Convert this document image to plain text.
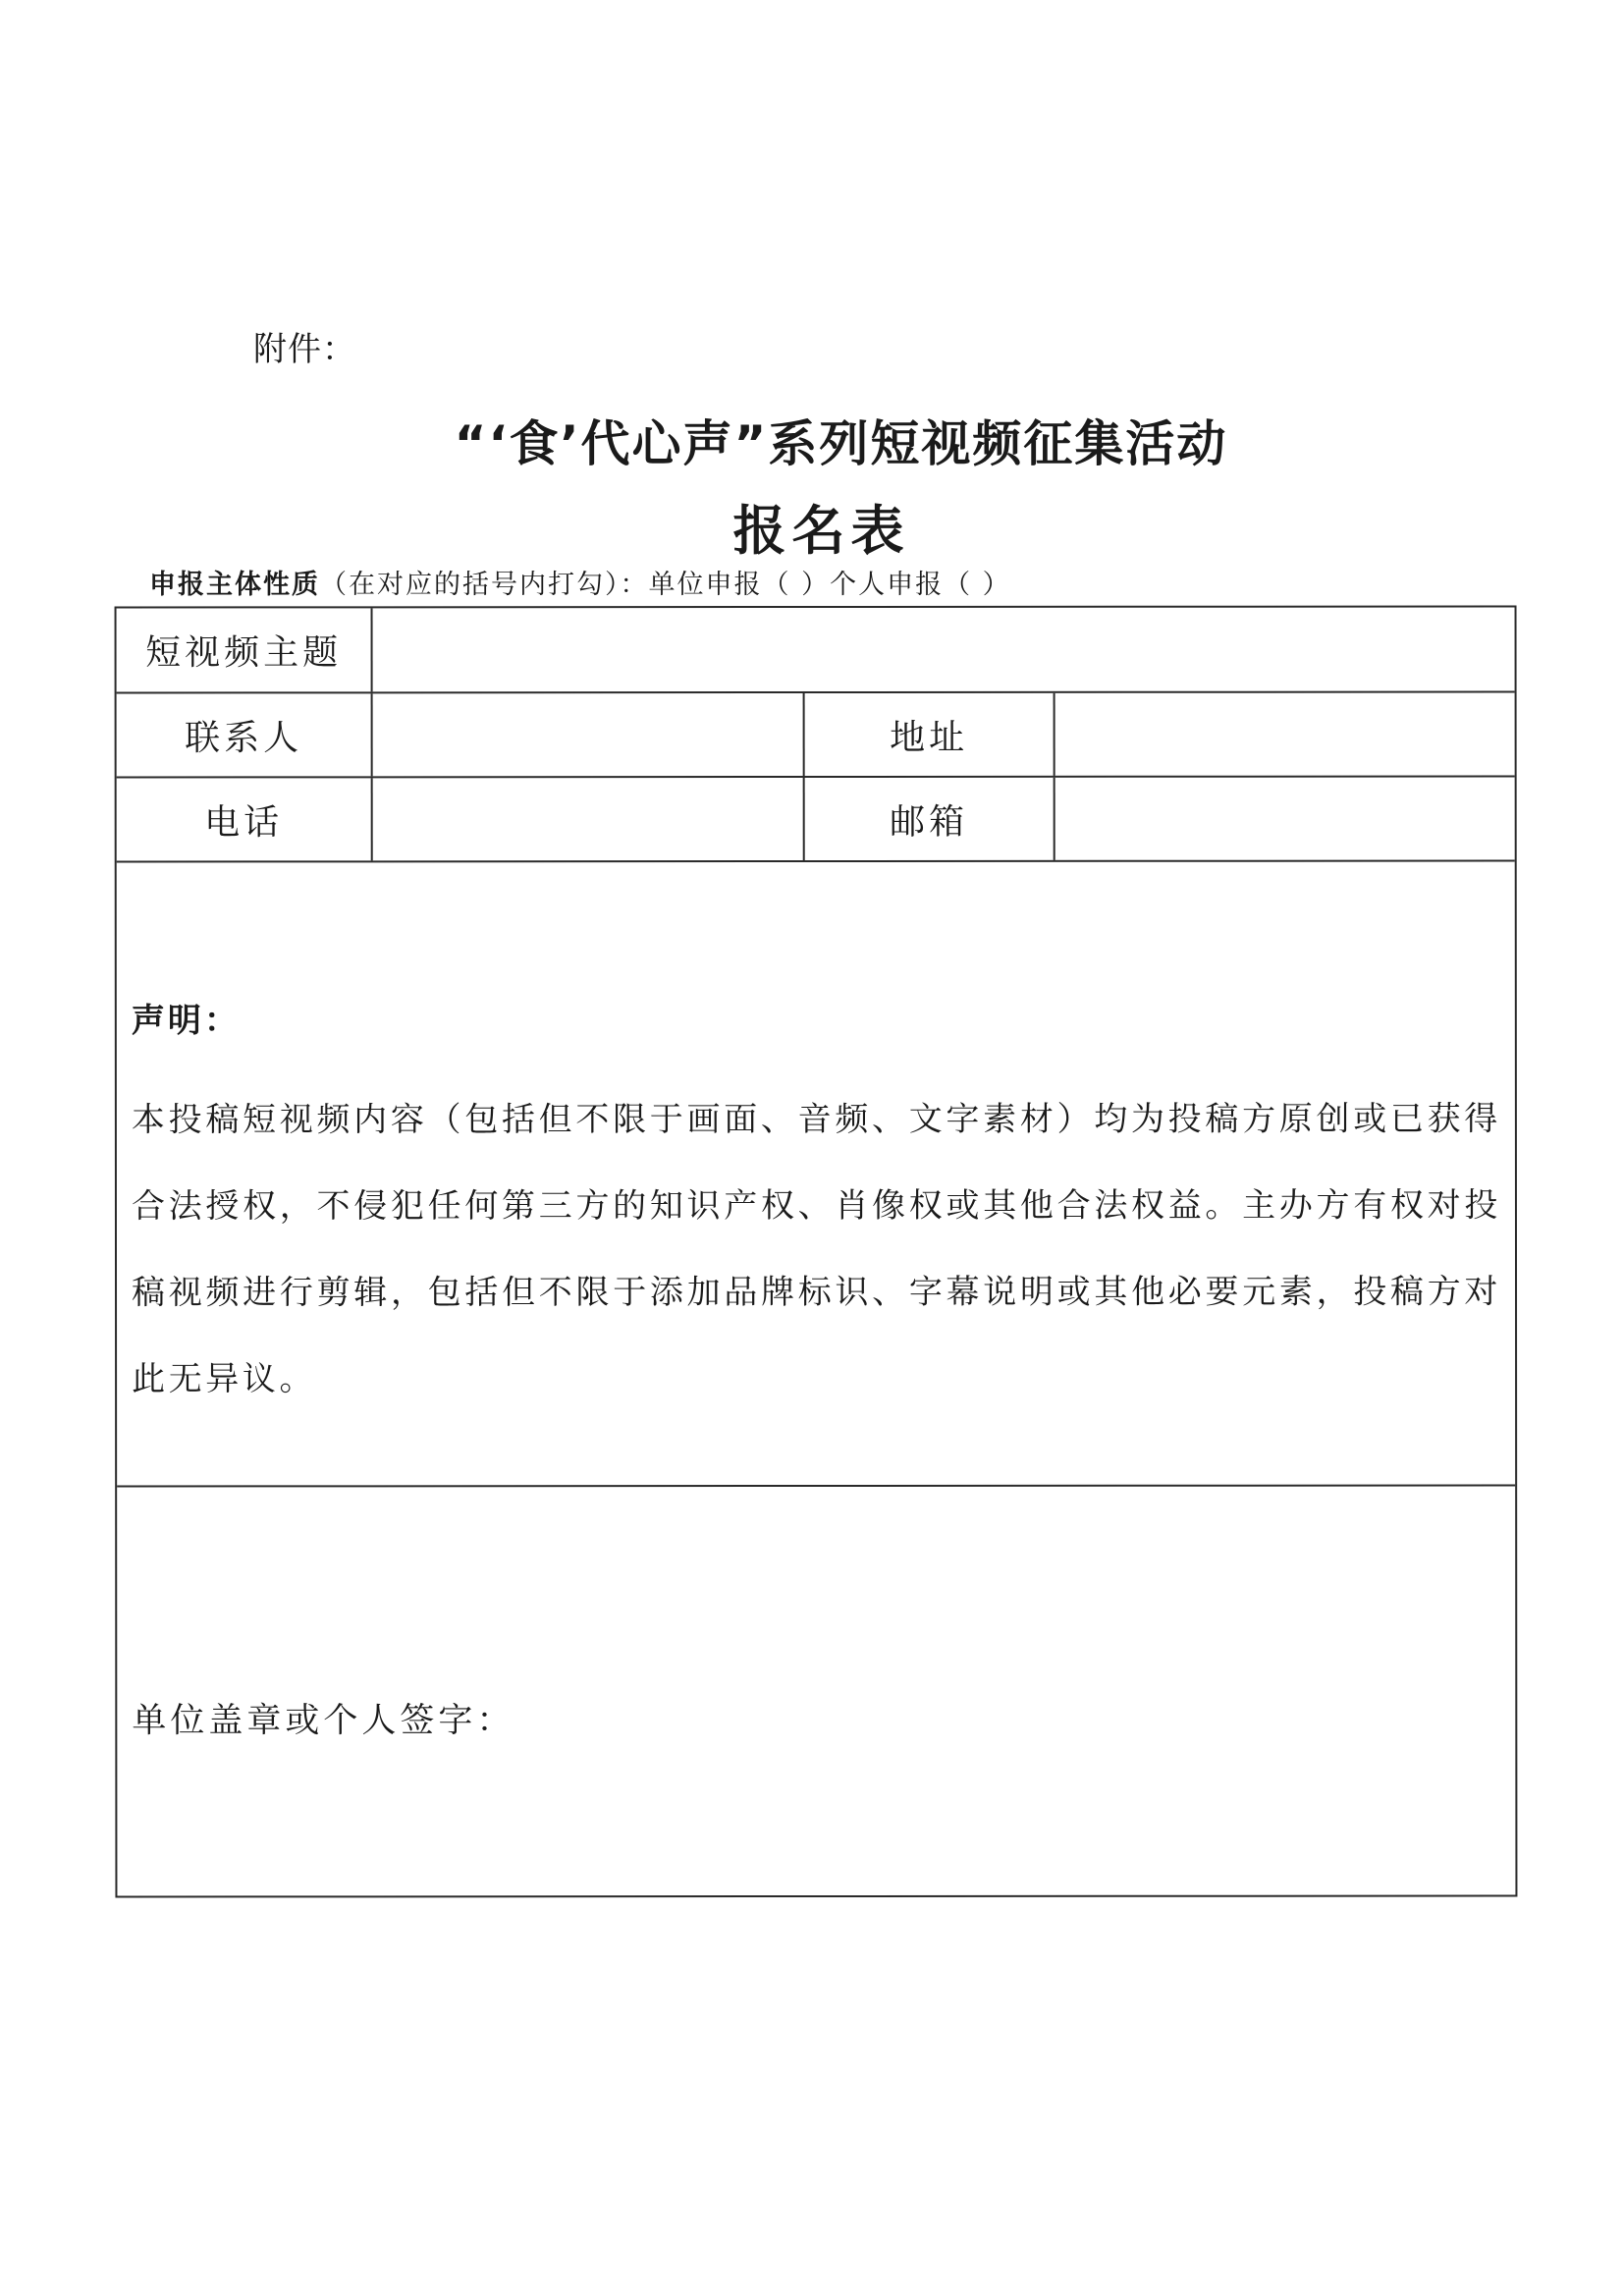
附件：
“‘食’代心声”系列短视频征集活动
报名表
申报主体性质（在对应的括号内打勾）：单位申报（ ）个人申报（ ）
短视频主题
联系人	地址
电话	邮箱
声明：
本投稿短视频内容（包括但不限于画面、音频、文字素材）均为投稿方原创或已获得合法授权，不侵犯任何第三方的知识产权、肖像权或其他合法权益。主办方有权对投稿视频进行剪辑，包括但不限于添加品牌标识、字幕说明或其他必要元素，投稿方对此无异议。
单位盖章或个人签字：
